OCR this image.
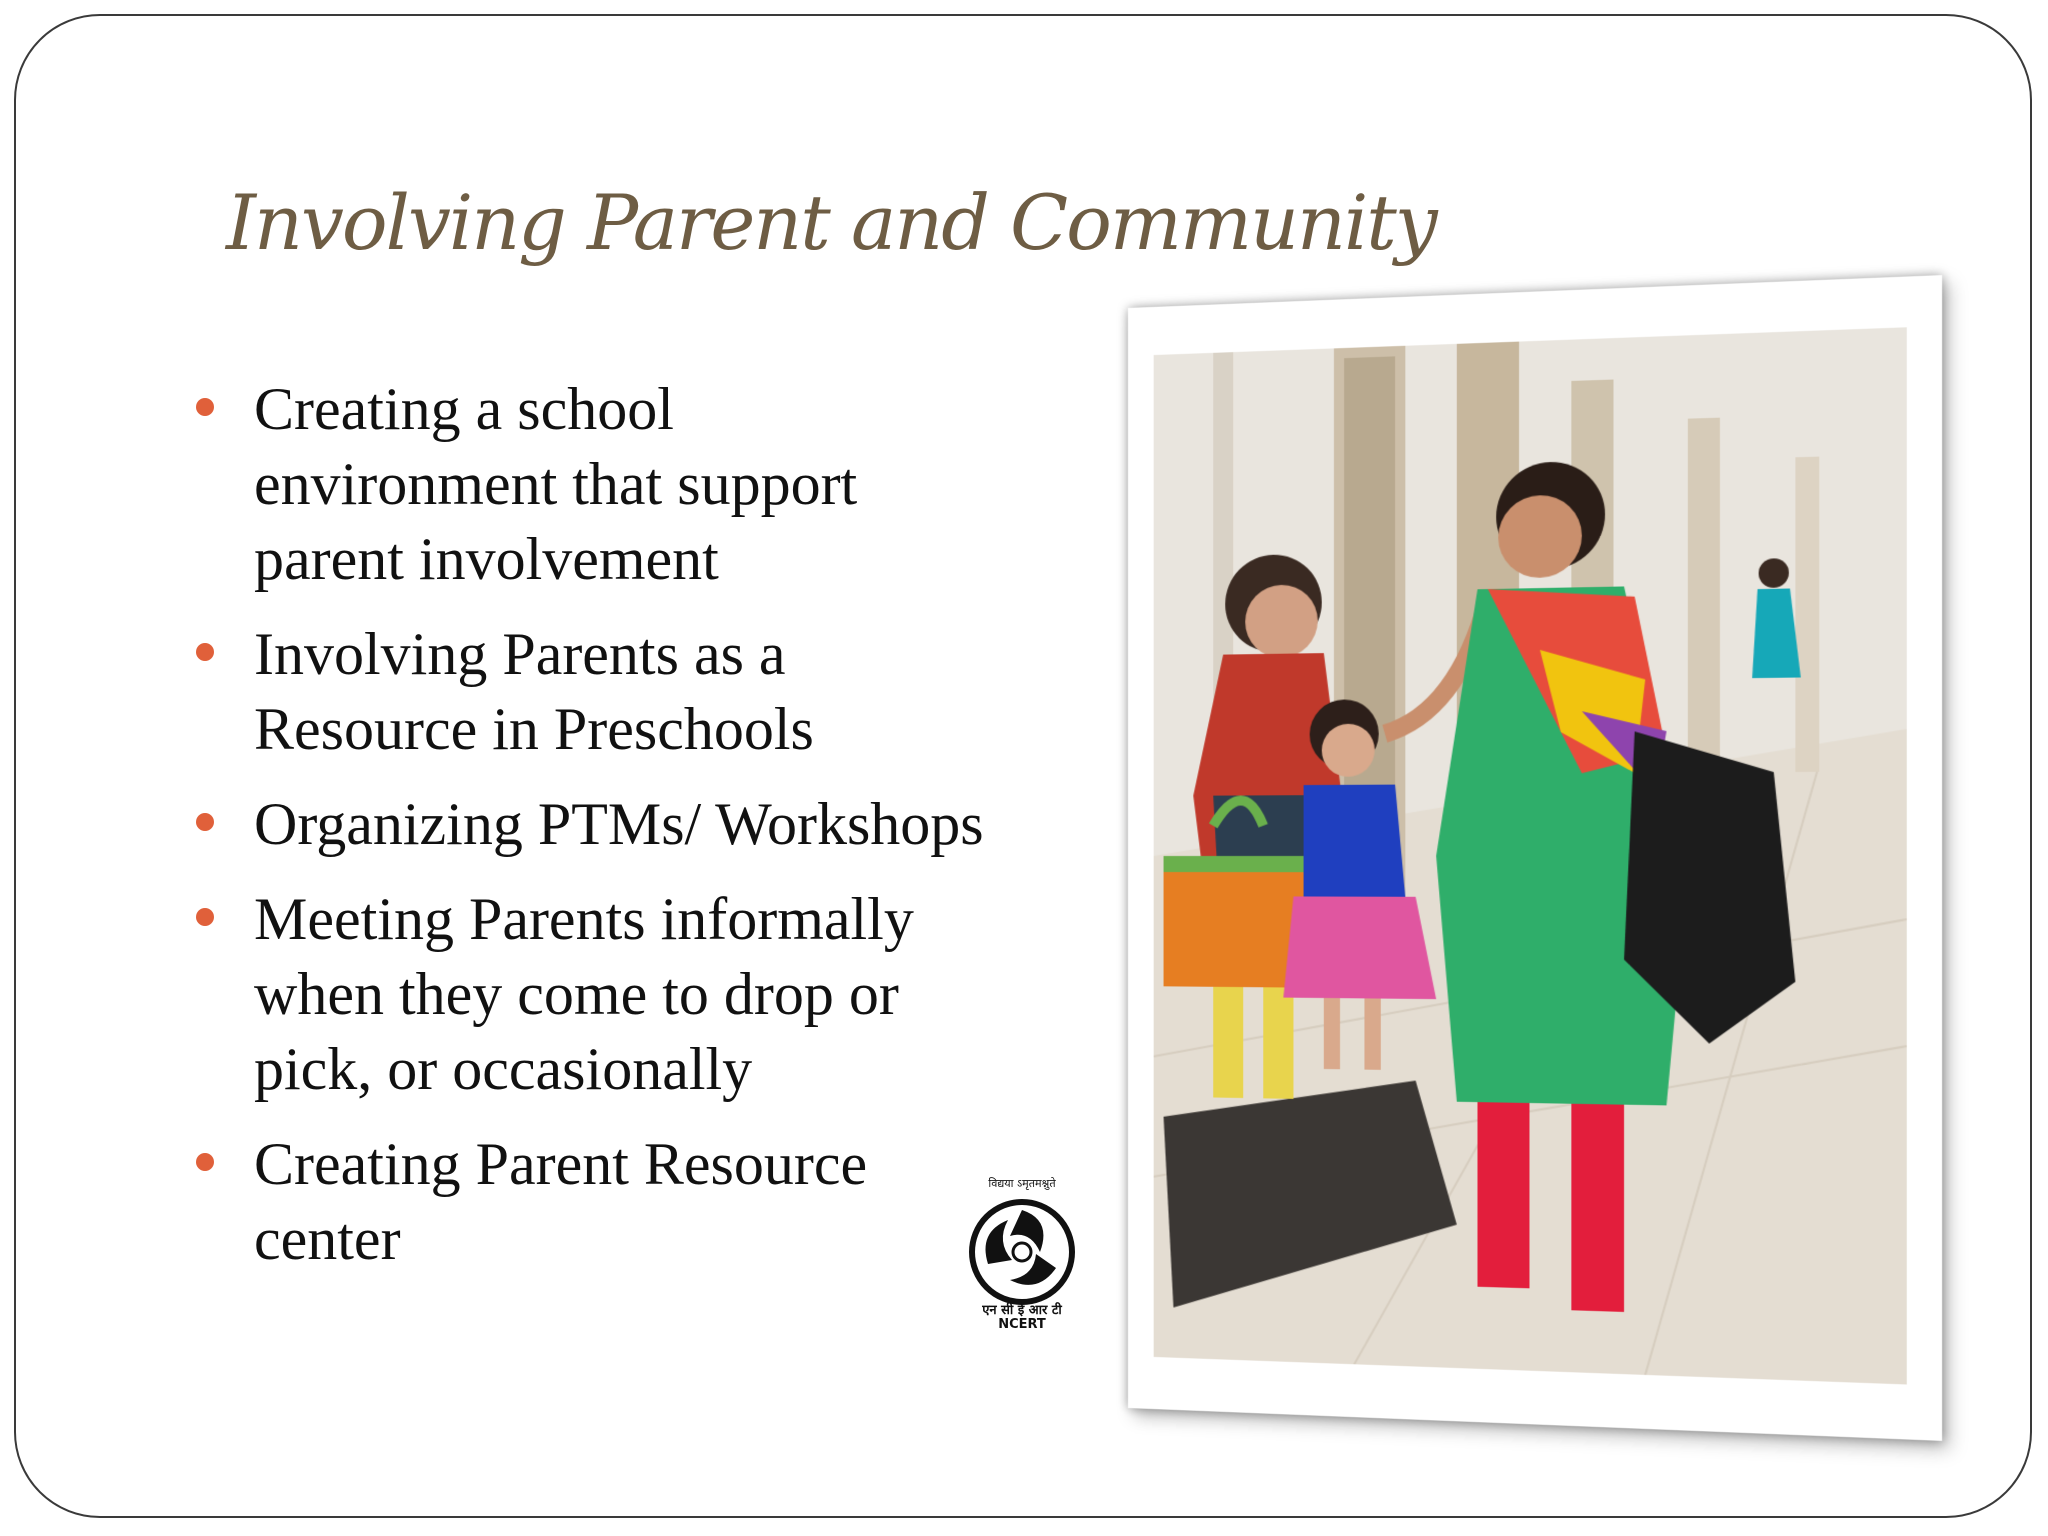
Involving Parent and Community
Creating a school environment that support parent involvement
Involving Parents as a Resource in Preschools
Organizing PTMs/ Workshops
Meeting Parents informally when they come to drop or pick, or occasionally
Creating Parent Resource center
विद्यया ऽमृतमश्नुते
एन सी ई आर टी
NCERT
